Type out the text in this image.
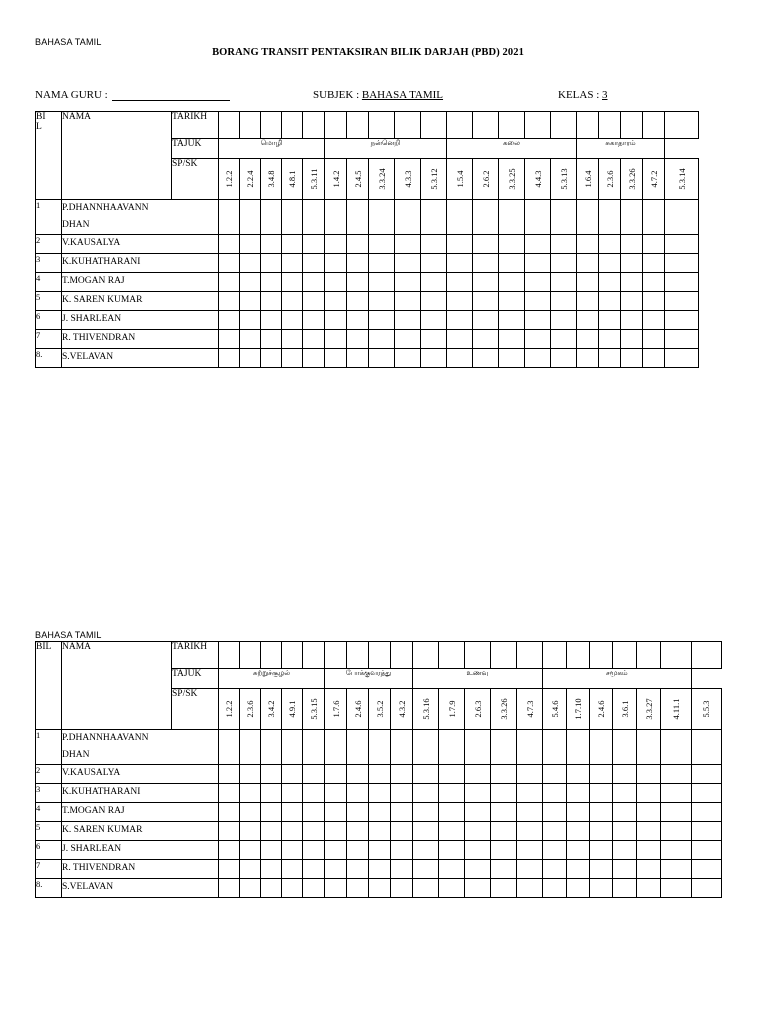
BAHASA TAMIL
BORANG TRANSIT PENTAKSIRAN BILIK DARJAH (PBD) 2021
NAMA GURU :	SUBJEK : BAHASA TAMIL	KELAS : 3
BI
L	NAMA	TARIKH																				
		TAJUK	மொழி					நன்னெறி					கலை					சுகாதாரம்				
		SP/SK	1.2.2	2.2.4	3.4.8	4.8.1	5.3.11	1.4.2	2.4.5	3.3.24	4.3.3	5.3.12	1.5.4	2.6.2	3.3.25	4.4.3	5.3.13	1.6.4	2.3.6	3.3.26	4.7.2	5.3.14

1	P.DHANNHAAVANN
DHAN																					
2	V.KAUSALYA																					
3	K.KUHATHARANI																					
4	T.MOGAN RAJ																					
5	K. SAREN KUMAR																					
6	J. SHARLEAN																					
7	R. THIVENDRAN																					
8.	S.VELAVAN																					
BAHASA TAMIL
BIL	NAMA	TARIKH																					
		TAJUK	சுற்றுச்சூழல்					போக்குவரத்து				உணவு					சமூகம்						
		SP/SK	1.2.2	2.3.6	3.4.2	4.9.1	5.3.15	1.7.6	2.4.6	3.5.2	4.3.2	5.3.16	1.7.9	2.6.3	3.3.26	4.7.3	5.4.6	1.7.10	2.4.6	3.6.1	3.3.27	4.11.1	5.5.3

1	P.DHANNHAAVANN
DHAN																						
2	V.KAUSALYA																						
3	K.KUHATHARANI																						
4	T.MOGAN RAJ																						
5	K. SAREN KUMAR																						
6	J. SHARLEAN																						
7	R. THIVENDRAN																						
8.	S.VELAVAN																						
